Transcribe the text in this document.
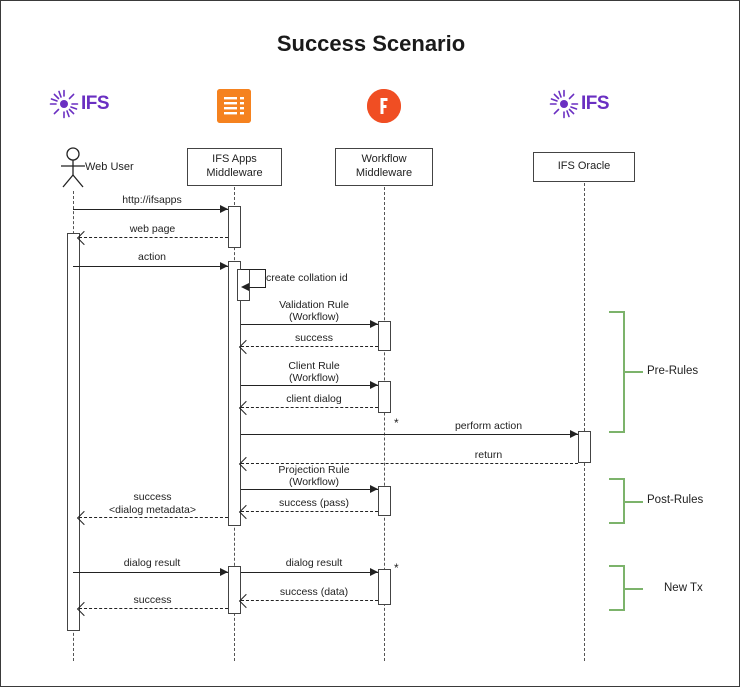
Success Scenario
IFS	IFS
Web User
IFS Apps
Middleware
Workflow
Middleware
IFS Oracle
http://ifsapps
web page
action
create collation id
Validation Rule
(Workflow)
success
Client Rule
(Workflow)
client dialog
*	perform action
return
Projection Rule
(Workflow)
success (pass)
success
<dialog metadata>
dialog result	dialog result	*
success (data)
success
Pre-Rules
Post-Rules
New Tx
